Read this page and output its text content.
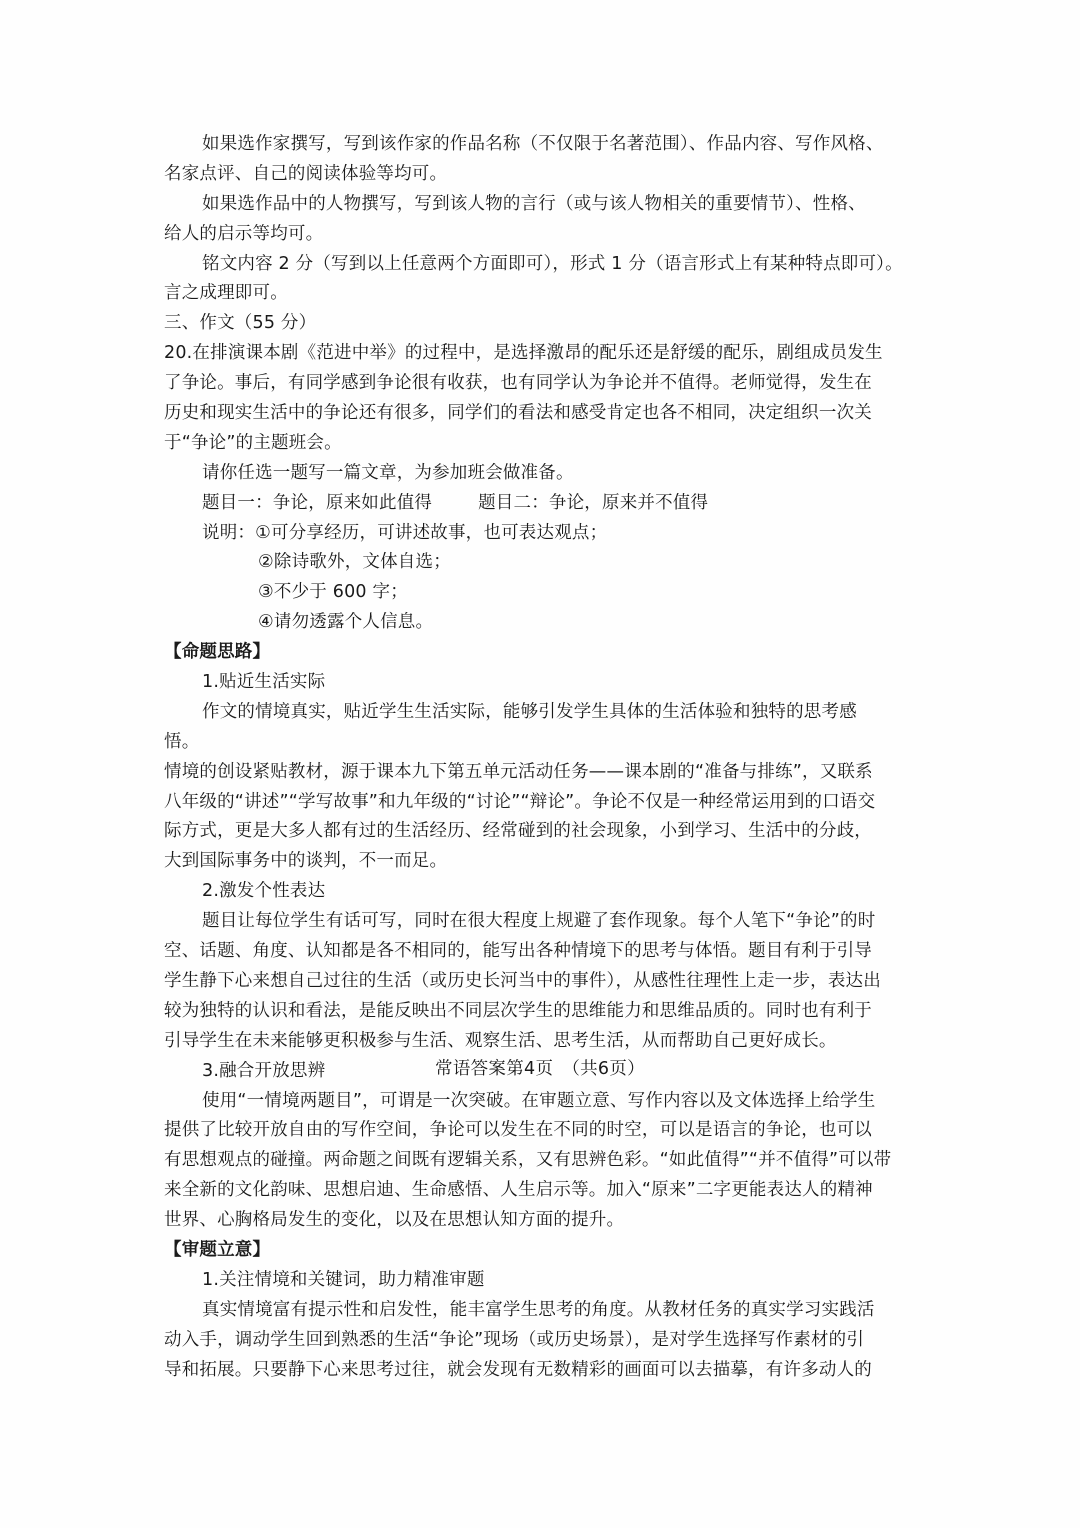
如果选作家撰写，写到该作家的作品名称（不仅限于名著范围）、作品内容、写作风格、
名家点评、自己的阅读体验等均可。
如果选作品中的人物撰写，写到该人物的言行（或与该人物相关的重要情节）、性格、
给人的启示等均可。
铭文内容 2 分（写到以上任意两个方面即可），形式 1 分（语言形式上有某种特点即可）。
言之成理即可。
三、作文（55 分）
20.在排演课本剧《范进中举》的过程中，是选择激昂的配乐还是舒缓的配乐，剧组成员发生
了争论。事后，有同学感到争论很有收获，也有同学认为争论并不值得。老师觉得，发生在
历史和现实生活中的争论还有很多，同学们的看法和感受肯定也各不相同，决定组织一次关
于“争论”的主题班会。
请你任选一题写一篇文章，为参加班会做准备。
题目一：争论，原来如此值得	题目二：争论，原来并不值得
说明：①可分享经历，可讲述故事，也可表达观点；
②除诗歌外，文体自选；
③不少于 600 字；
④请勿透露个人信息。
【命题思路】
1.贴近生活实际
作文的情境真实，贴近学生生活实际，能够引发学生具体的生活体验和独特的思考感
悟。
情境的创设紧贴教材，源于课本九下第五单元活动任务——课本剧的“准备与排练”，又联系
八年级的“讲述”“学写故事”和九年级的“讨论”“辩论”。争论不仅是一种经常运用到的口语交
际方式，更是大多人都有过的生活经历、经常碰到的社会现象，小到学习、生活中的分歧，
大到国际事务中的谈判，不一而足。
2.激发个性表达
题目让每位学生有话可写，同时在很大程度上规避了套作现象。每个人笔下“争论”的时
空、话题、角度、认知都是各不相同的，能写出各种情境下的思考与体悟。题目有利于引导
学生静下心来想自己过往的生活（或历史长河当中的事件），从感性往理性上走一步，表达出
较为独特的认识和看法，是能反映出不同层次学生的思维能力和思维品质的。同时也有利于
引导学生在未来能够更积极参与生活、观察生活、思考生活，从而帮助自己更好成长。
3.融合开放思辨
使用“一情境两题目”，可谓是一次突破。在审题立意、写作内容以及文体选择上给学生
提供了比较开放自由的写作空间，争论可以发生在不同的时空，可以是语言的争论，也可以
有思想观点的碰撞。两命题之间既有逻辑关系，又有思辨色彩。“如此值得”“并不值得”可以带
来全新的文化韵味、思想启迪、生命感悟、人生启示等。加入“原来”二字更能表达人的精神
世界、心胸格局发生的变化，以及在思想认知方面的提升。
【审题立意】
1.关注情境和关键词，助力精准审题
真实情境富有提示性和启发性，能丰富学生思考的角度。从教材任务的真实学习实践活
动入手，调动学生回到熟悉的生活“争论”现场（或历史场景），是对学生选择写作素材的引
导和拓展。只要静下心来思考过往，就会发现有无数精彩的画面可以去描摹，有许多动人的
常语答案第4页　（共6页）
